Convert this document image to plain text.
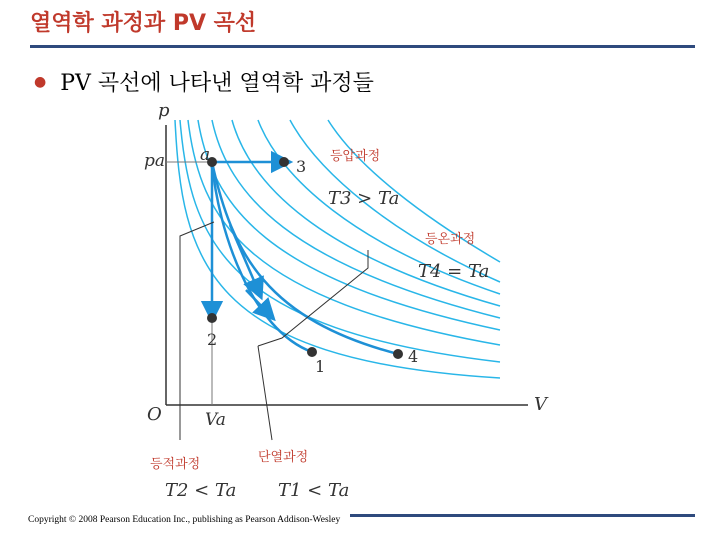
열역학 과정과 PV 곡선
● PV 곡선에 나타낸 열역학 과정들
p
V
O
pa
Va
a
3
2
1
4
등압과정
등온과정
등적과정	단열과정
T3 > Ta
T4 = Ta
T2 < Ta T1 < Ta
Copyright © 2008 Pearson Education Inc., publishing as Pearson Addison-Wesley
